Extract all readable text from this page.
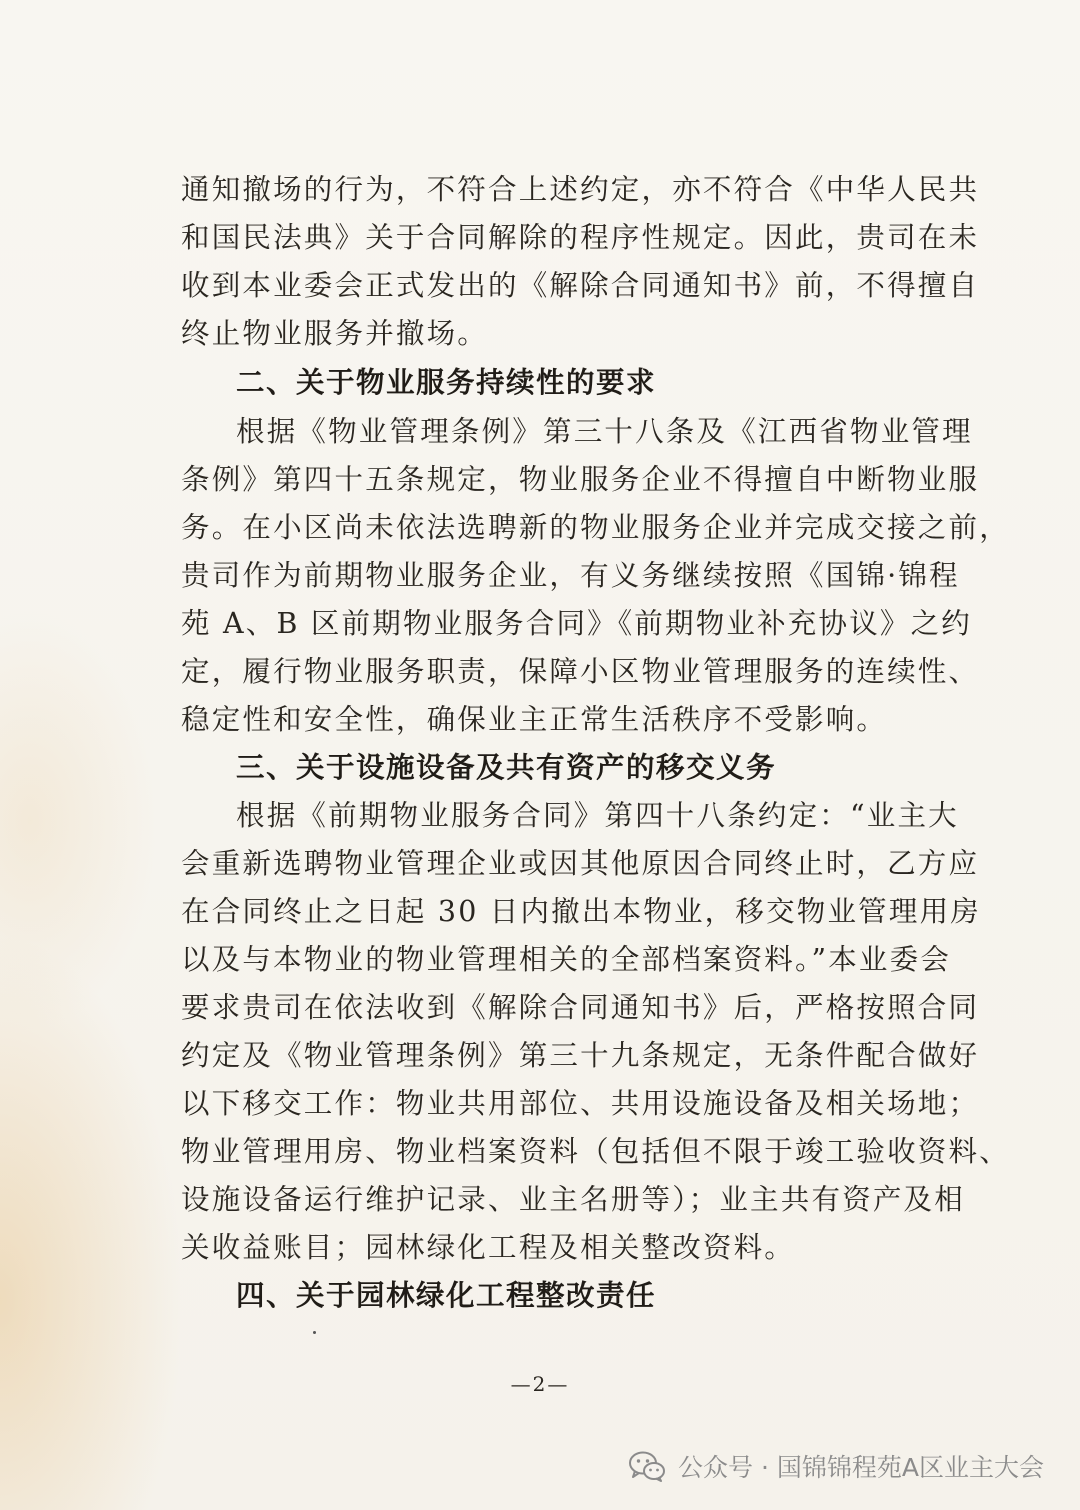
通知撤场的行为，不符合上述约定，亦不符合《中华人民共
和国民法典》关于合同解除的程序性规定。因此，贵司在未
收到本业委会正式发出的《解除合同通知书》前，不得擅自
终止物业服务并撤场。
二、关于物业服务持续性的要求
根据《物业管理条例》第三十八条及《江西省物业管理
条例》第四十五条规定，物业服务企业不得擅自中断物业服
务。在小区尚未依法选聘新的物业服务企业并完成交接之前，
贵司作为前期物业服务企业，有义务继续按照《国锦·锦程
苑 A、B 区前期物业服务合同》《前期物业补充协议》之约
定，履行物业服务职责，保障小区物业管理服务的连续性、
稳定性和安全性，确保业主正常生活秩序不受影响。
三、关于设施设备及共有资产的移交义务
根据《前期物业服务合同》第四十八条约定：“业主大
会重新选聘物业管理企业或因其他原因合同终止时，乙方应
在合同终止之日起 30 日内撤出本物业，移交物业管理用房
以及与本物业的物业管理相关的全部档案资料。”本业委会
要求贵司在依法收到《解除合同通知书》后，严格按照合同
约定及《物业管理条例》第三十九条规定，无条件配合做好
以下移交工作：物业共用部位、共用设施设备及相关场地；
物业管理用房、物业档案资料（包括但不限于竣工验收资料、
设施设备运行维护记录、业主名册等）；业主共有资产及相
关收益账目；园林绿化工程及相关整改资料。
四、关于园林绿化工程整改责任
—2—
公众号 · 国锦锦程苑A区业主大会
